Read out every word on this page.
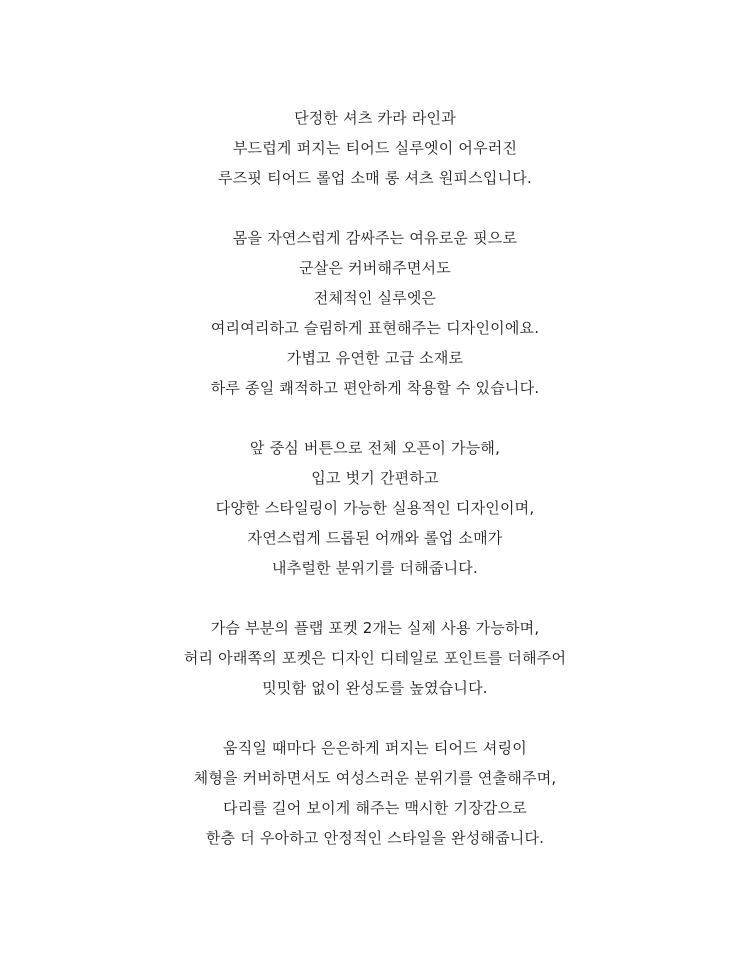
단정한 셔츠 카라 라인과
부드럽게 퍼지는 티어드 실루엣이 어우러진
루즈핏 티어드 롤업 소매 롱 셔츠 원피스입니다.

몸을 자연스럽게 감싸주는 여유로운 핏으로
군살은 커버해주면서도
전체적인 실루엣은
여리여리하고 슬림하게 표현해주는 디자인이에요.
가볍고 유연한 고급 소재로
하루 종일 쾌적하고 편안하게 착용할 수 있습니다.

앞 중심 버튼으로 전체 오픈이 가능해,
입고 벗기 간편하고
다양한 스타일링이 가능한 실용적인 디자인이며,
자연스럽게 드롭된 어깨와 롤업 소매가
내추럴한 분위기를 더해줍니다.

가슴 부분의 플랩 포켓 2개는 실제 사용 가능하며,
허리 아래쪽의 포켓은 디자인 디테일로 포인트를 더해주어
밋밋함 없이 완성도를 높였습니다.

움직일 때마다 은은하게 퍼지는 티어드 셔링이
체형을 커버하면서도 여성스러운 분위기를 연출해주며,
다리를 길어 보이게 해주는 맥시한 기장감으로
한층 더 우아하고 안정적인 스타일을 완성해줍니다.
